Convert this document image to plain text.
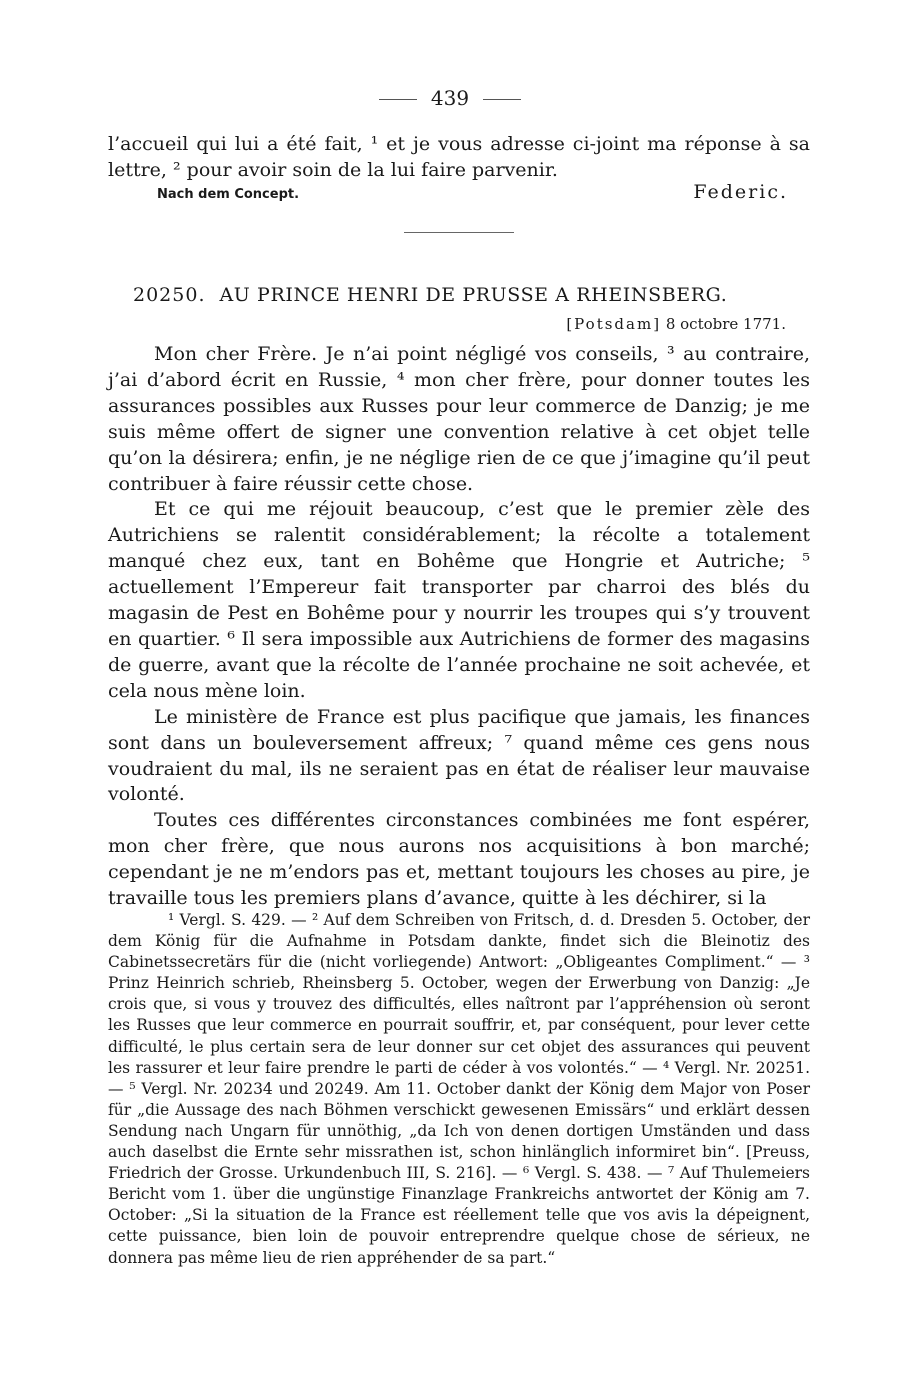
439
l’accueil qui lui a été fait, ¹ et je vous adresse ci-joint ma réponse à sa lettre, ² pour avoir soin de la lui faire parvenir.
Nach dem Concept.	Federic.
20250. AU PRINCE HENRI DE PRUSSE A RHEINSBERG.
[Potsdam] 8 octobre 1771.

Mon cher Frère. Je n’ai point négligé vos conseils, ³ au contraire, j’ai d’abord écrit en Russie, ⁴ mon cher frère, pour donner toutes les assurances possibles aux Russes pour leur commerce de Danzig; je me suis même offert de signer une convention relative à cet objet telle qu’on la désirera; enfin, je ne néglige rien de ce que j’imagine qu’il peut contribuer à faire réussir cette chose.

Et ce qui me réjouit beaucoup, c’est que le premier zèle des Autrichiens se ralentit considérablement; la récolte a totalement manqué chez eux, tant en Bohême que Hongrie et Autriche; ⁵ actuellement l’Empereur fait transporter par charroi des blés du magasin de Pest en Bohême pour y nourrir les troupes qui s’y trouvent en quartier. ⁶ Il sera impossible aux Autrichiens de former des magasins de guerre, avant que la récolte de l’année prochaine ne soit achevée, et cela nous mène loin.

Le ministère de France est plus pacifique que jamais, les finances sont dans un bouleversement affreux; ⁷ quand même ces gens nous voudraient du mal, ils ne seraient pas en état de réaliser leur mauvaise volonté.

Toutes ces différentes circonstances combinées me font espérer, mon cher frère, que nous aurons nos acquisitions à bon marché; cependant je ne m’endors pas et, mettant toujours les choses au pire, je travaille tous les premiers plans d’avance, quitte à les déchirer, si la

¹ Vergl. S. 429. — ² Auf dem Schreiben von Fritsch, d. d. Dresden 5. October, der dem König für die Aufnahme in Potsdam dankte, findet sich die Bleinotiz des Cabinetssecretärs für die (nicht vorliegende) Antwort: „Obligeantes Compliment.“ — ³ Prinz Heinrich schrieb, Rheinsberg 5. October, wegen der Erwerbung von Danzig: „Je crois que, si vous y trouvez des difficultés, elles naîtront par l’appréhension où seront les Russes que leur commerce en pourrait souffrir, et, par conséquent, pour lever cette difficulté, le plus certain sera de leur donner sur cet objet des assurances qui peuvent les rassurer et leur faire prendre le parti de céder à vos volontés.“ — ⁴ Vergl. Nr. 20251. — ⁵ Vergl. Nr. 20234 und 20249. Am 11. October dankt der König dem Major von Poser für „die Aussage des nach Böhmen verschickt gewesenen Emissärs“ und erklärt dessen Sendung nach Ungarn für unnöthig, „da Ich von denen dortigen Umständen und dass auch daselbst die Ernte sehr missrathen ist, schon hinlänglich informiret bin“. [Preuss, Friedrich der Grosse. Urkundenbuch III, S. 216]. — ⁶ Vergl. S. 438. — ⁷ Auf Thulemeiers Bericht vom 1. über die ungünstige Finanzlage Frankreichs antwortet der König am 7. October: „Si la situation de la France est réellement telle que vos avis la dépeignent, cette puissance, bien loin de pouvoir entreprendre quelque chose de sérieux, ne donnera pas même lieu de rien appréhender de sa part.“
